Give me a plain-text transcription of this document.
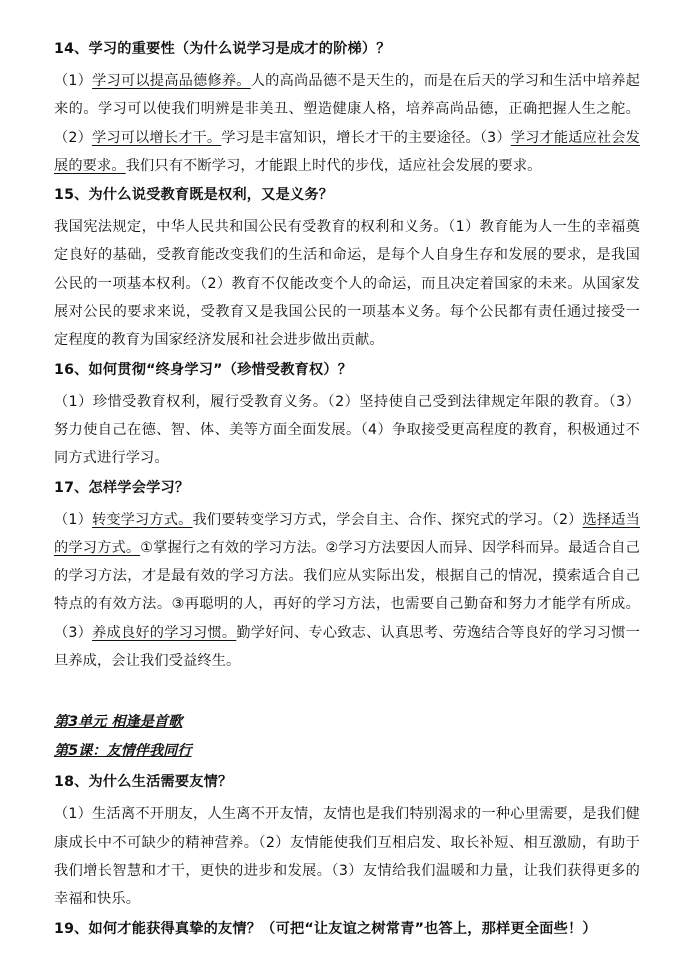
14、学习的重要性（为什么说学习是成才的阶梯）？
（1）学习可以提高品德修养。人的高尚品德不是天生的，而是在后天的学习和生活中培养起来的。学习可以使我们明辨是非美丑、塑造健康人格，培养高尚品德，正确把握人生之舵。（2）学习可以增长才干。学习是丰富知识，增长才干的主要途径。（3）学习才能适应社会发展的要求。我们只有不断学习，才能跟上时代的步伐，适应社会发展的要求。
15、为什么说受教育既是权利，又是义务？
我国宪法规定，中华人民共和国公民有受教育的权利和义务。（1）教育能为人一生的幸福奠定良好的基础，受教育能改变我们的生活和命运，是每个人自身生存和发展的要求，是我国公民的一项基本权利。（2）教育不仅能改变个人的命运，而且决定着国家的未来。从国家发展对公民的要求来说，受教育又是我国公民的一项基本义务。每个公民都有责任通过接受一定程度的教育为国家经济发展和社会进步做出贡献。
16、如何贯彻“终身学习”（珍惜受教育权）？
（1）珍惜受教育权利，履行受教育义务。（2）坚持使自己受到法律规定年限的教育。（3）努力使自己在德、智、体、美等方面全面发展。（4）争取接受更高程度的教育，积极通过不同方式进行学习。
17、怎样学会学习？
（1）转变学习方式。我们要转变学习方式，学会自主、合作、探究式的学习。（2）选择适当的学习方式。①掌握行之有效的学习方法。②学习方法要因人而异、因学科而异。最适合自己的学习方法，才是最有效的学习方法。我们应从实际出发，根据自己的情况，摸索适合自己特点的有效方法。③再聪明的人，再好的学习方法，也需要自己勤奋和努力才能学有所成。（3）养成良好的学习习惯。勤学好问、专心致志、认真思考、劳逸结合等良好的学习习惯一旦养成，会让我们受益终生。
第3单元 相逢是首歌
第5课：友情伴我同行
18、为什么生活需要友情？
（1）生活离不开朋友，人生离不开友情，友情也是我们特别渴求的一种心里需要，是我们健康成长中不可缺少的精神营养。（2）友情能使我们互相启发、取长补短、相互激励，有助于我们增长智慧和才干，更快的进步和发展。（3）友情给我们温暖和力量，让我们获得更多的幸福和快乐。
19、如何才能获得真挚的友情？（可把“让友谊之树常青”也答上，那样更全面些！）
